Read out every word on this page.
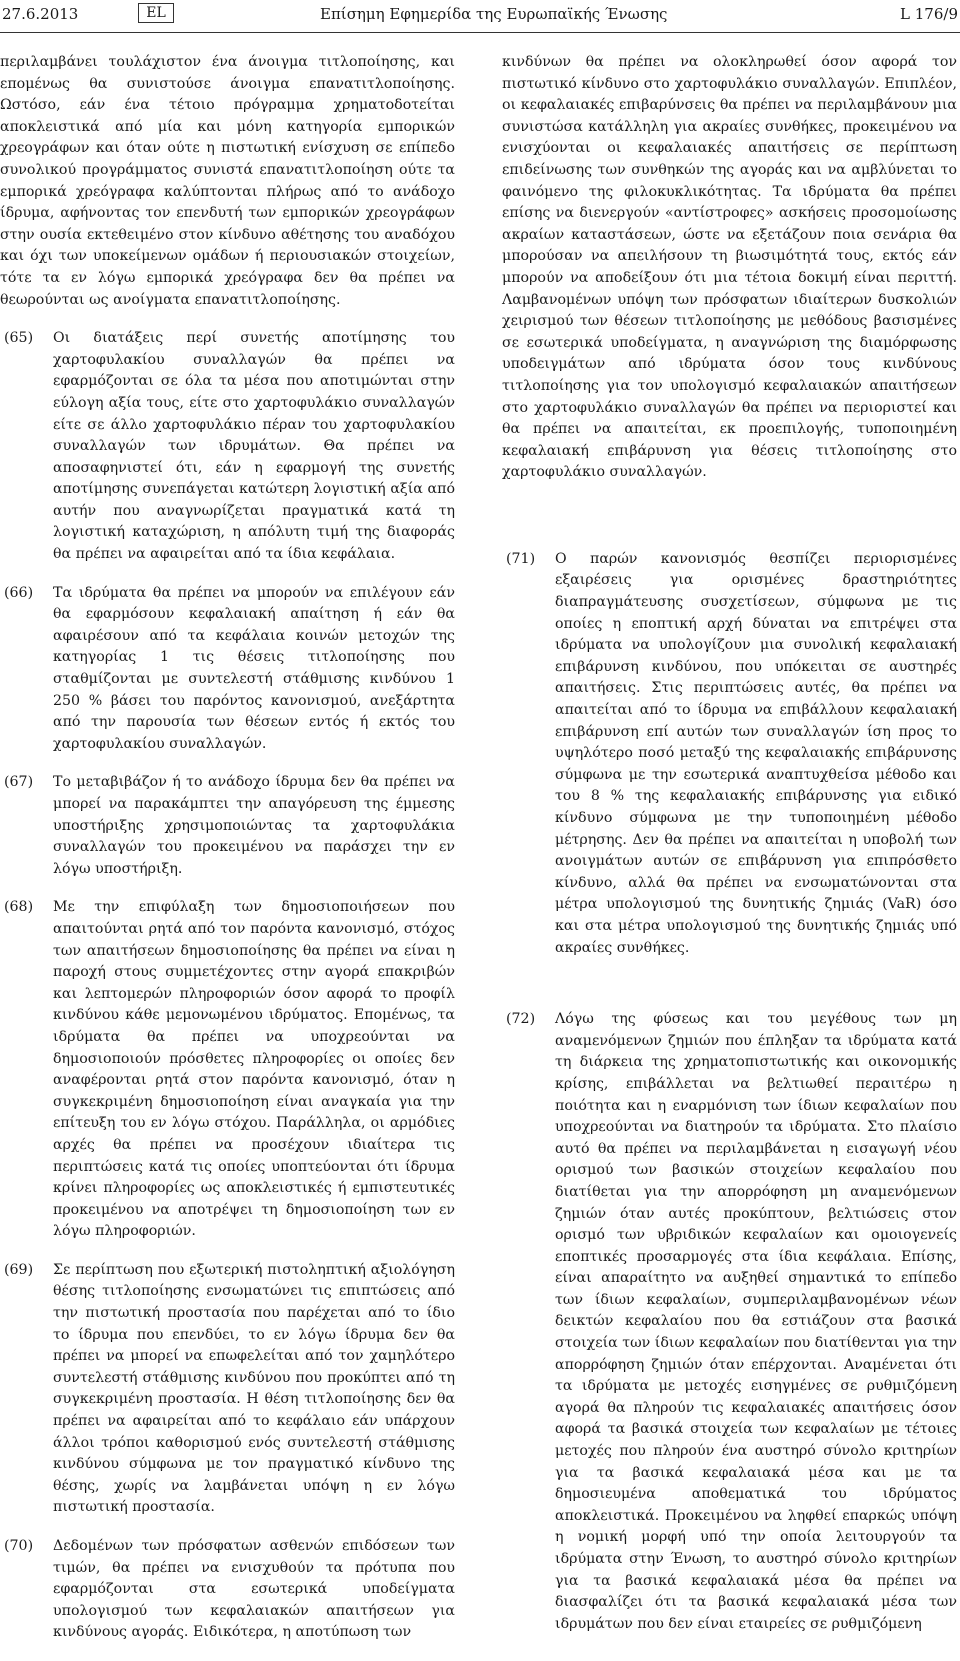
27.6.2013	EL	Επίσημη Εφημερίδα της Ευρωπαϊκής Ένωσης	L 176/9

περιλαμβάνει τουλάχιστον ένα άνοιγμα τιτλοποίησης, και επομένως θα συνιστούσε άνοιγμα επανατιτλοποίησης. Ωστόσο, εάν ένα τέτοιο πρόγραμμα χρηματοδοτείται αποκλειστικά από μία και μόνη κατηγορία εμπορικών χρεογράφων και όταν ούτε η πιστωτική ενίσχυση σε επίπεδο συνολικού προγράμματος συνιστά επανατιτλοποίηση ούτε τα εμπορικά χρεόγραφα καλύπτονται πλήρως από το ανάδοχο ίδρυμα, αφήνοντας τον επενδυτή των εμπορικών χρεογράφων στην ουσία εκτεθειμένο στον κίνδυνο αθέτησης του αναδόχου και όχι των υποκείμενων ομάδων ή περιουσιακών στοιχείων, τότε τα εν λόγω εμπορικά χρεόγραφα δεν θα πρέπει να θεωρούνται ως ανοίγματα επανατιτλοποίησης.

(65) Οι διατάξεις περί συνετής αποτίμησης του χαρτοφυλακίου συναλλαγών θα πρέπει να εφαρμόζονται σε όλα τα μέσα που αποτιμώνται στην εύλογη αξία τους, είτε στο χαρτοφυλάκιο συναλλαγών είτε σε άλλο χαρτοφυλάκιο πέραν του χαρτοφυλακίου συναλλαγών των ιδρυμάτων. Θα πρέπει να αποσαφηνιστεί ότι, εάν η εφαρμογή της συνετής αποτίμησης συνεπάγεται κατώτερη λογιστική αξία από αυτήν που αναγνωρίζεται πραγματικά κατά τη λογιστική καταχώριση, η απόλυτη τιμή της διαφοράς θα πρέπει να αφαιρείται από τα ίδια κεφάλαια.
(66) Τα ιδρύματα θα πρέπει να μπορούν να επιλέγουν εάν θα εφαρμόσουν κεφαλαιακή απαίτηση ή εάν θα αφαιρέσουν από τα κεφάλαια κοινών μετοχών της κατηγορίας 1 τις θέσεις τιτλοποίησης που σταθμίζονται με συντελεστή στάθμισης κινδύνου 1 250 % βάσει του παρόντος κανονισμού, ανεξάρτητα από την παρουσία των θέσεων εντός ή εκτός του χαρτοφυλακίου συναλλαγών.
(67) Το μεταβιβάζον ή το ανάδοχο ίδρυμα δεν θα πρέπει να μπορεί να παρακάμπτει την απαγόρευση της έμμεσης υποστήριξης χρησιμοποιώντας τα χαρτοφυλάκια συναλλαγών του προκειμένου να παράσχει την εν λόγω υποστήριξη.
(68) Με την επιφύλαξη των δημοσιοποιήσεων που απαιτούνται ρητά από τον παρόντα κανονισμό, στόχος των απαιτήσεων δημοσιοποίησης θα πρέπει να είναι η παροχή στους συμμετέχοντες στην αγορά επακριβών και λεπτομερών πληροφοριών όσον αφορά το προφίλ κινδύνου κάθε μεμονωμένου ιδρύματος. Επομένως, τα ιδρύματα θα πρέπει να υποχρεούνται να δημοσιοποιούν πρόσθετες πληροφορίες οι οποίες δεν αναφέρονται ρητά στον παρόντα κανονισμό, όταν η συγκεκριμένη δημοσιοποίηση είναι αναγκαία για την επίτευξη του εν λόγω στόχου. Παράλληλα, οι αρμόδιες αρχές θα πρέπει να προσέχουν ιδιαίτερα τις περιπτώσεις κατά τις οποίες υποπτεύονται ότι ίδρυμα κρίνει πληροφορίες ως αποκλειστικές ή εμπιστευτικές προκειμένου να αποτρέψει τη δημοσιοποίηση των εν λόγω πληροφοριών.
(69) Σε περίπτωση που εξωτερική πιστοληπτική αξιολόγηση θέσης τιτλοποίησης ενσωματώνει τις επιπτώσεις από την πιστωτική προστασία που παρέχεται από το ίδιο το ίδρυμα που επενδύει, το εν λόγω ίδρυμα δεν θα πρέπει να μπορεί να επωφελείται από τον χαμηλότερο συντελεστή στάθμισης κινδύνου που προκύπτει από τη συγκεκριμένη προστασία. Η θέση τιτλοποίησης δεν θα πρέπει να αφαιρείται από το κεφάλαιο εάν υπάρχουν άλλοι τρόποι καθορισμού ενός συντελεστή στάθμισης κινδύνου σύμφωνα με τον πραγματικό κίνδυνο της θέσης, χωρίς να λαμβάνεται υπόψη η εν λόγω πιστωτική προστασία.
(70) Δεδομένων των πρόσφατων ασθενών επιδόσεων των τιμών, θα πρέπει να ενισχυθούν τα πρότυπα που εφαρμόζονται στα εσωτερικά υποδείγματα υπολογισμού των κεφαλαιακών απαιτήσεων για κινδύνους αγοράς. Ειδικότερα, η αποτύπωση των

κινδύνων θα πρέπει να ολοκληρωθεί όσον αφορά τον πιστωτικό κίνδυνο στο χαρτοφυλάκιο συναλλαγών. Επιπλέον, οι κεφαλαιακές επιβαρύνσεις θα πρέπει να περιλαμβάνουν μια συνιστώσα κατάλληλη για ακραίες συνθήκες, προκειμένου να ενισχύονται οι κεφαλαιακές απαιτήσεις σε περίπτωση επιδείνωσης των συνθηκών της αγοράς και να αμβλύνεται το φαινόμενο της φιλοκυκλικότητας. Τα ιδρύματα θα πρέπει επίσης να διενεργούν «αντίστροφες» ασκήσεις προσομοίωσης ακραίων καταστάσεων, ώστε να εξετάζουν ποια σενάρια θα μπορούσαν να απειλήσουν τη βιωσιμότητά τους, εκτός εάν μπορούν να αποδείξουν ότι μια τέτοια δοκιμή είναι περιττή. Λαμβανομένων υπόψη των πρόσφατων ιδιαίτερων δυσκολιών χειρισμού των θέσεων τιτλοποίησης με μεθόδους βασισμένες σε εσωτερικά υποδείγματα, η αναγνώριση της διαμόρφωσης υποδειγμάτων από ιδρύματα όσον τους κινδύνους τιτλοποίησης για τον υπολογισμό κεφαλαιακών απαιτήσεων στο χαρτοφυλάκιο συναλλαγών θα πρέπει να περιοριστεί και θα πρέπει να απαιτείται, εκ προεπιλογής, τυποποιημένη κεφαλαιακή επιβάρυνση για θέσεις τιτλοποίησης στο χαρτοφυλάκιο συναλλαγών.

(71) Ο παρών κανονισμός θεσπίζει περιορισμένες εξαιρέσεις για ορισμένες δραστηριότητες διαπραγμάτευσης συσχετίσεων, σύμφωνα με τις οποίες η εποπτική αρχή δύναται να επιτρέψει στα ιδρύματα να υπολογίζουν μια συνολική κεφαλαιακή επιβάρυνση κινδύνου, που υπόκειται σε αυστηρές απαιτήσεις. Στις περιπτώσεις αυτές, θα πρέπει να απαιτείται από το ίδρυμα να επιβάλλουν κεφαλαιακή επιβάρυνση επί αυτών των συναλλαγών ίση προς το υψηλότερο ποσό μεταξύ της κεφαλαιακής επιβάρυνσης σύμφωνα με την εσωτερικά αναπτυχθείσα μέθοδο και του 8 % της κεφαλαιακής επιβάρυνσης για ειδικό κίνδυνο σύμφωνα με την τυποποιημένη μέθοδο μέτρησης. Δεν θα πρέπει να απαιτείται η υποβολή των ανοιγμάτων αυτών σε επιβάρυνση για επιπρόσθετο κίνδυνο, αλλά θα πρέπει να ενσωματώνονται στα μέτρα υπολογισμού της δυνητικής ζημιάς (VaR) όσο και στα μέτρα υπολογισμού της δυνητικής ζημιάς υπό ακραίες συνθήκες.
(72) Λόγω της φύσεως και του μεγέθους των μη αναμενόμενων ζημιών που έπληξαν τα ιδρύματα κατά τη διάρκεια της χρηματοπιστωτικής και οικονομικής κρίσης, επιβάλλεται να βελτιωθεί περαιτέρω η ποιότητα και η εναρμόνιση των ίδιων κεφαλαίων που υποχρεούνται να διατηρούν τα ιδρύματα. Στο πλαίσιο αυτό θα πρέπει να περιλαμβάνεται η εισαγωγή νέου ορισμού των βασικών στοιχείων κεφαλαίου που διατίθεται για την απορρόφηση μη αναμενόμενων ζημιών όταν αυτές προκύπτουν, βελτιώσεις στον ορισμό των υβριδικών κεφαλαίων και ομοιογενείς εποπτικές προσαρμογές στα ίδια κεφάλαια. Επίσης, είναι απαραίτητο να αυξηθεί σημαντικά το επίπεδο των ίδιων κεφαλαίων, συμπεριλαμβανομένων νέων δεικτών κεφαλαίου που θα εστιάζουν στα βασικά στοιχεία των ίδιων κεφαλαίων που διατίθενται για την απορρόφηση ζημιών όταν επέρχονται. Αναμένεται ότι τα ιδρύματα με μετοχές εισηγμένες σε ρυθμιζόμενη αγορά θα πληρούν τις κεφαλαιακές απαιτήσεις όσον αφορά τα βασικά στοιχεία των κεφαλαίων με τέτοιες μετοχές που πληρούν ένα αυστηρό σύνολο κριτηρίων για τα βασικά κεφαλαιακά μέσα και με τα δημοσιευμένα αποθεματικά του ιδρύματος αποκλειστικά. Προκειμένου να ληφθεί επαρκώς υπόψη η νομική μορφή υπό την οποία λειτουργούν τα ιδρύματα στην Ένωση, το αυστηρό σύνολο κριτηρίων για τα βασικά κεφαλαιακά μέσα θα πρέπει να διασφαλίζει ότι τα βασικά κεφαλαιακά μέσα των ιδρυμάτων που δεν είναι εταιρείες σε ρυθμιζόμενη
